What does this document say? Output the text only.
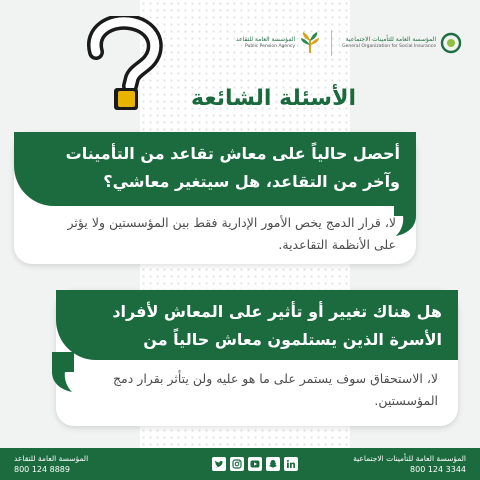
المؤسسة العامة للتقاعد
Public Pension Agency
المؤسسة العامة للتأمينات الاجتماعية
General Organization for Social Insurance
الأسئلة الشائعة
أحصل حالياً على معاش تقاعد من التأمينات وآخر من التقاعد، هل سيتغير معاشي؟
لا، قرار الدمج يخص الأمور الإدارية فقط بين المؤسستين ولا يؤثر على الأنظمة التقاعدية.
هل هناك تغيير أو تأثير على المعاش لأفراد الأسرة الذين يستلمون معاش حالياً من الجهتين؟
لا، الاستحقاق سوف يستمر على ما هو عليه ولن يتأثر بقرار دمج المؤسستين.
المؤسسة العامة للتقاعد
800 124 8889
المؤسسة العامة للتأمينات الاجتماعية
800 124 3344
